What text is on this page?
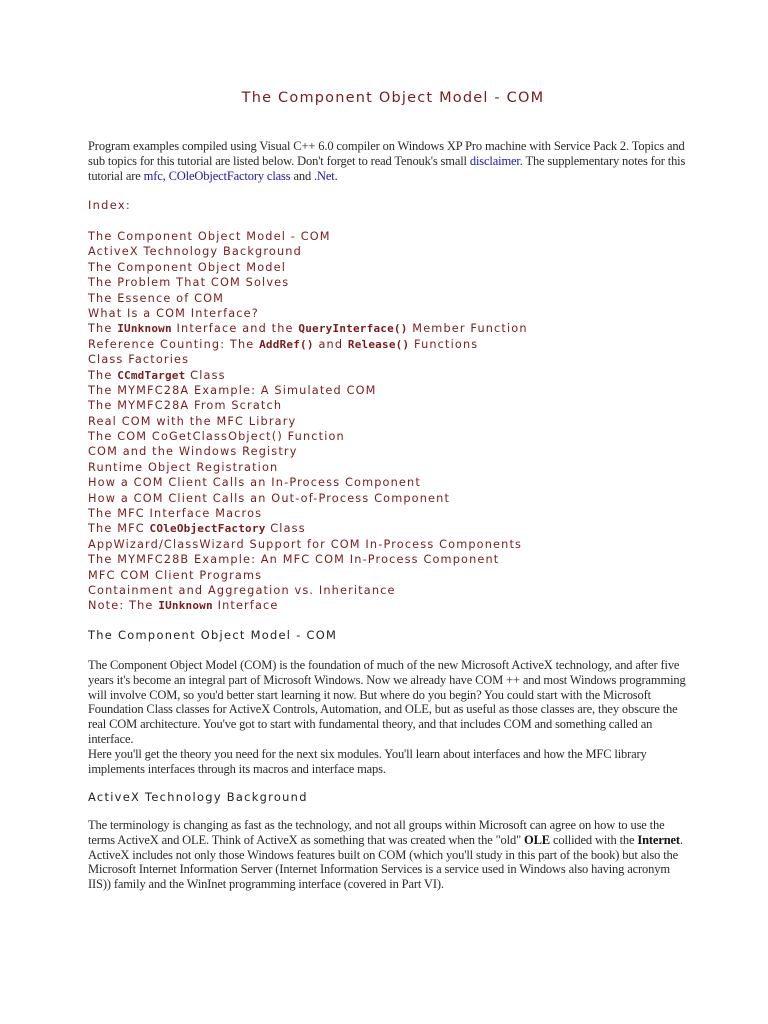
The Component Object Model - COM
Program examples compiled using Visual C++ 6.0 compiler on Windows XP Pro machine with Service Pack 2. Topics and sub topics for this tutorial are listed below. Don't forget to read Tenouk's small disclaimer. The supplementary notes for this tutorial are mfc, COleObjectFactory class and .Net.
Index:
The Component Object Model - COM
ActiveX Technology Background
The Component Object Model
The Problem That COM Solves
The Essence of COM
What Is a COM Interface?
The IUnknown Interface and the QueryInterface() Member Function
Reference Counting: The AddRef() and Release() Functions
Class Factories
The CCmdTarget Class
The MYMFC28A Example: A Simulated COM
The MYMFC28A From Scratch
Real COM with the MFC Library
The COM CoGetClassObject() Function
COM and the Windows Registry
Runtime Object Registration
How a COM Client Calls an In-Process Component
How a COM Client Calls an Out-of-Process Component
The MFC Interface Macros
The MFC COleObjectFactory Class
AppWizard/ClassWizard Support for COM In-Process Components
The MYMFC28B Example: An MFC COM In-Process Component
MFC COM Client Programs
Containment and Aggregation vs. Inheritance
Note: The IUnknown Interface
The Component Object Model - COM
The Component Object Model (COM) is the foundation of much of the new Microsoft ActiveX technology, and after five years it's become an integral part of Microsoft Windows. Now we already have COM ++ and most Windows programming will involve COM, so you'd better start learning it now. But where do you begin? You could start with the Microsoft Foundation Class classes for ActiveX Controls, Automation, and OLE, but as useful as those classes are, they obscure the real COM architecture. You've got to start with fundamental theory, and that includes COM and something called an interface.
Here you'll get the theory you need for the next six modules. You'll learn about interfaces and how the MFC library implements interfaces through its macros and interface maps.
ActiveX Technology Background
The terminology is changing as fast as the technology, and not all groups within Microsoft can agree on how to use the terms ActiveX and OLE. Think of ActiveX as something that was created when the "old" OLE collided with the Internet. ActiveX includes not only those Windows features built on COM (which you'll study in this part of the book) but also the Microsoft Internet Information Server (Internet Information Services is a service used in Windows also having acronym IIS)) family and the WinInet programming interface (covered in Part VI).
